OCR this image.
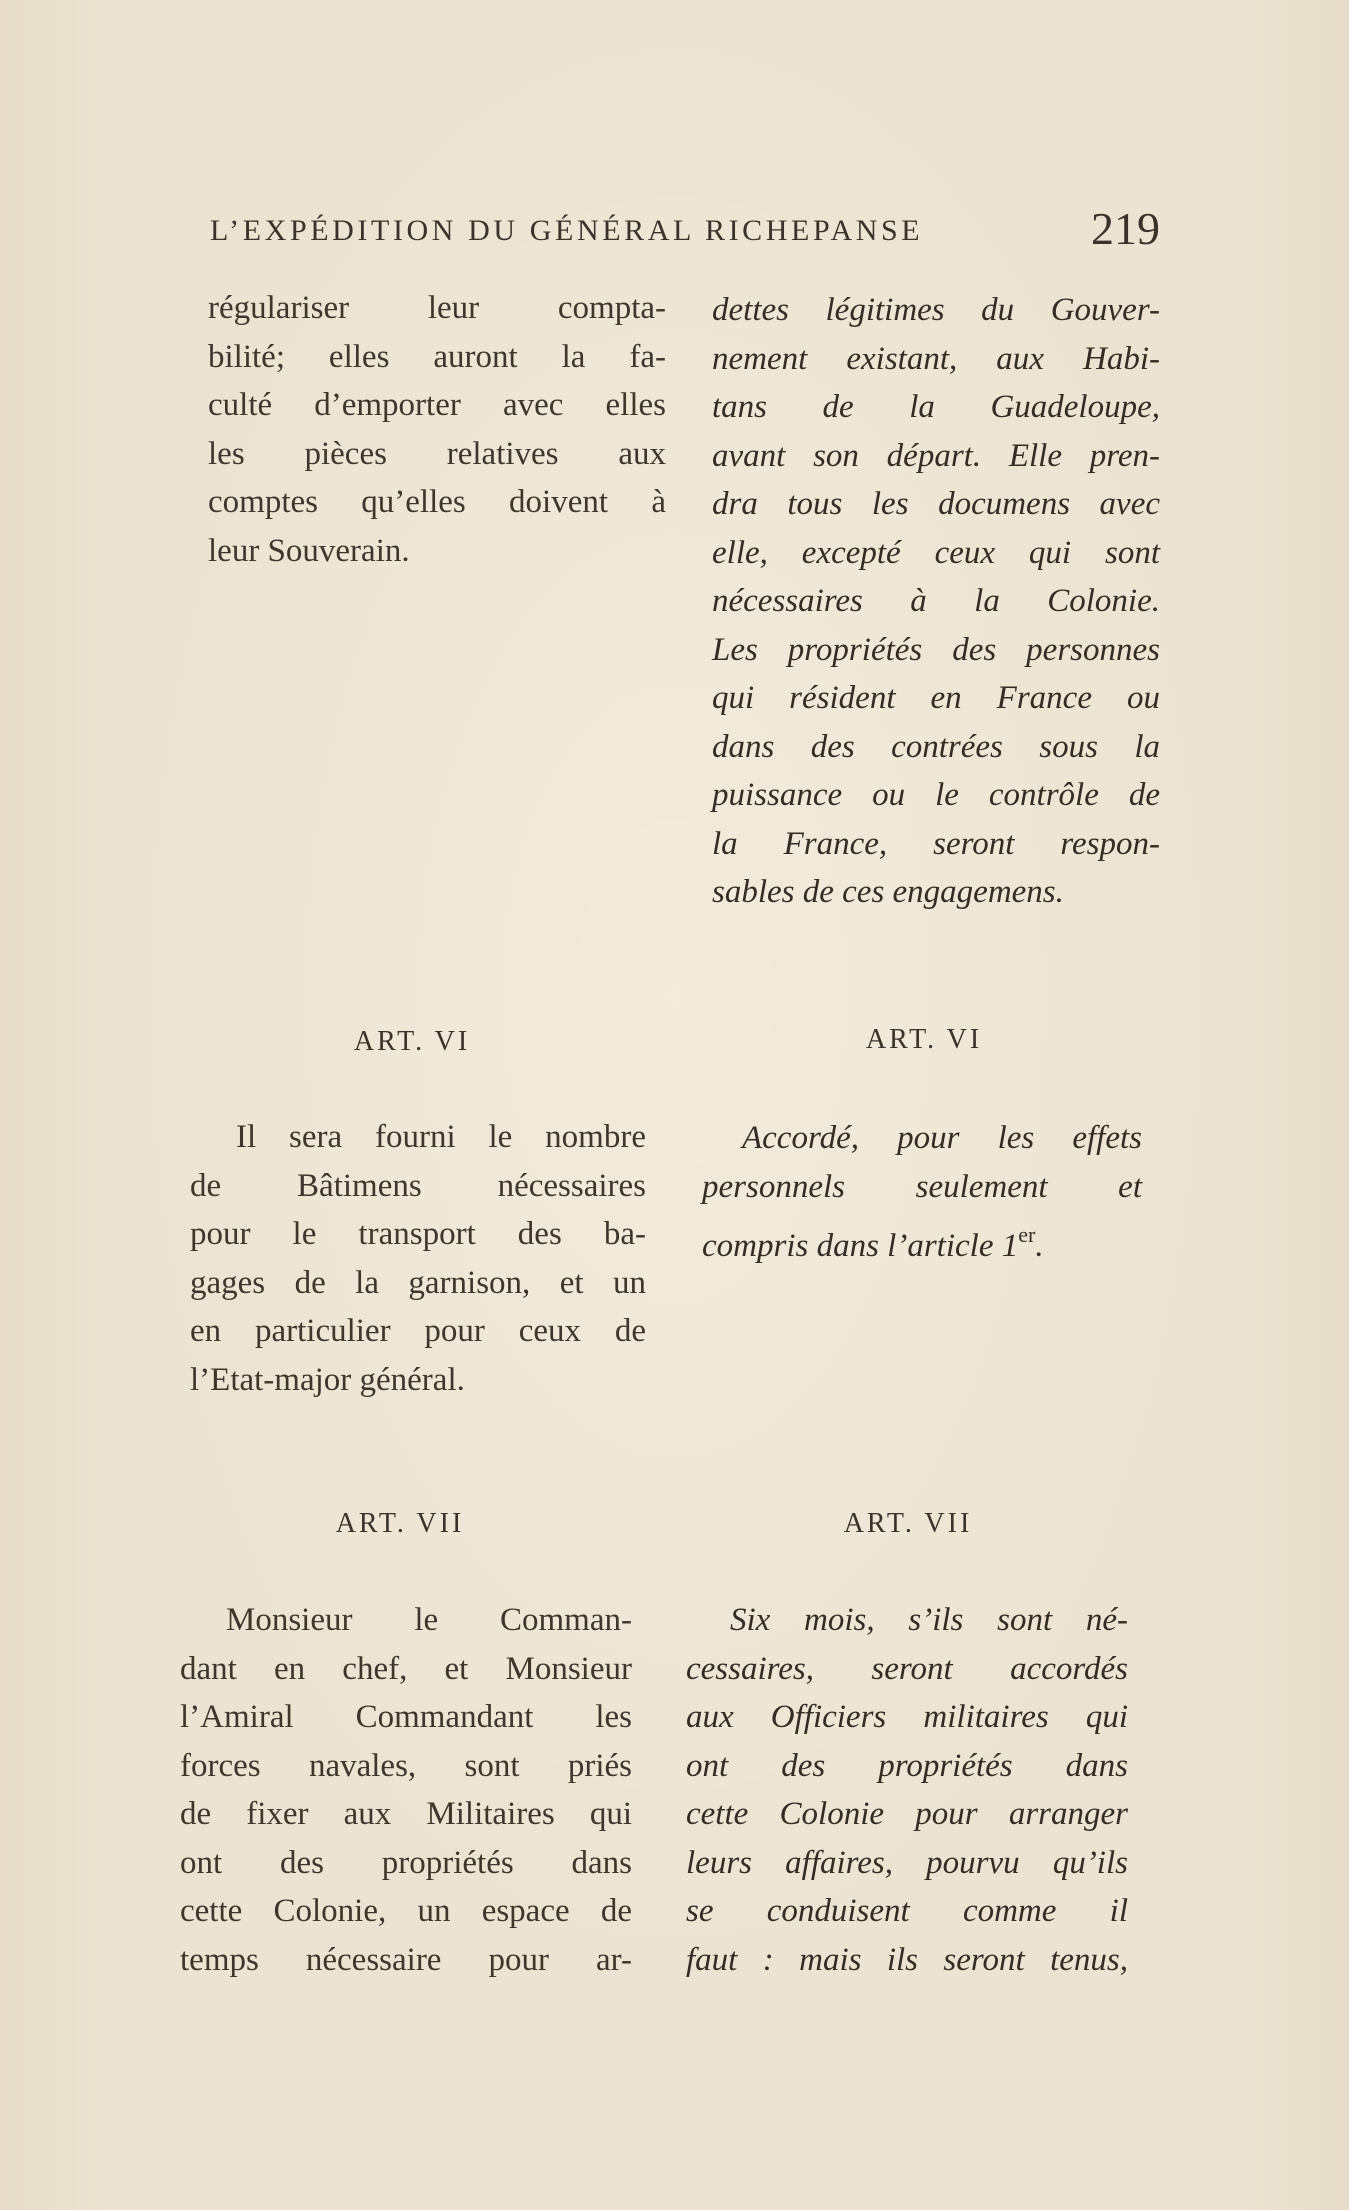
L’EXPÉDITION DU GÉNÉRAL RICHEPANSE	219
régulariser leur compta-
bilité; elles auront la fa-
culté d’emporter avec elles
les pièces relatives aux
comptes qu’elles doivent à
leur Souverain.
dettes légitimes du Gouver-
nement existant, aux Habi-
tans de la Guadeloupe,
avant son départ. Elle pren-
dra tous les documens avec
elle, excepté ceux qui sont
nécessaires à la Colonie.
Les propriétés des personnes
qui résident en France ou
dans des contrées sous la
puissance ou le contrôle de
la France, seront respon-
sables de ces engagemens.
ART. VI	ART. VI
Il sera fourni le nombre
de Bâtimens nécessaires
pour le transport des ba-
gages de la garnison, et un
en particulier pour ceux de
l’Etat-major général.
Accordé, pour les effets
personnels seulement et
compris dans l’article 1er.
ART. VII	ART. VII
Monsieur le Comman-
dant en chef, et Monsieur
l’Amiral Commandant les
forces navales, sont priés
de fixer aux Militaires qui
ont des propriétés dans
cette Colonie, un espace de
temps nécessaire pour ar-
Six mois, s’ils sont né-
cessaires, seront accordés
aux Officiers militaires qui
ont des propriétés dans
cette Colonie pour arranger
leurs affaires, pourvu qu’ils
se conduisent comme il
faut : mais ils seront tenus,
